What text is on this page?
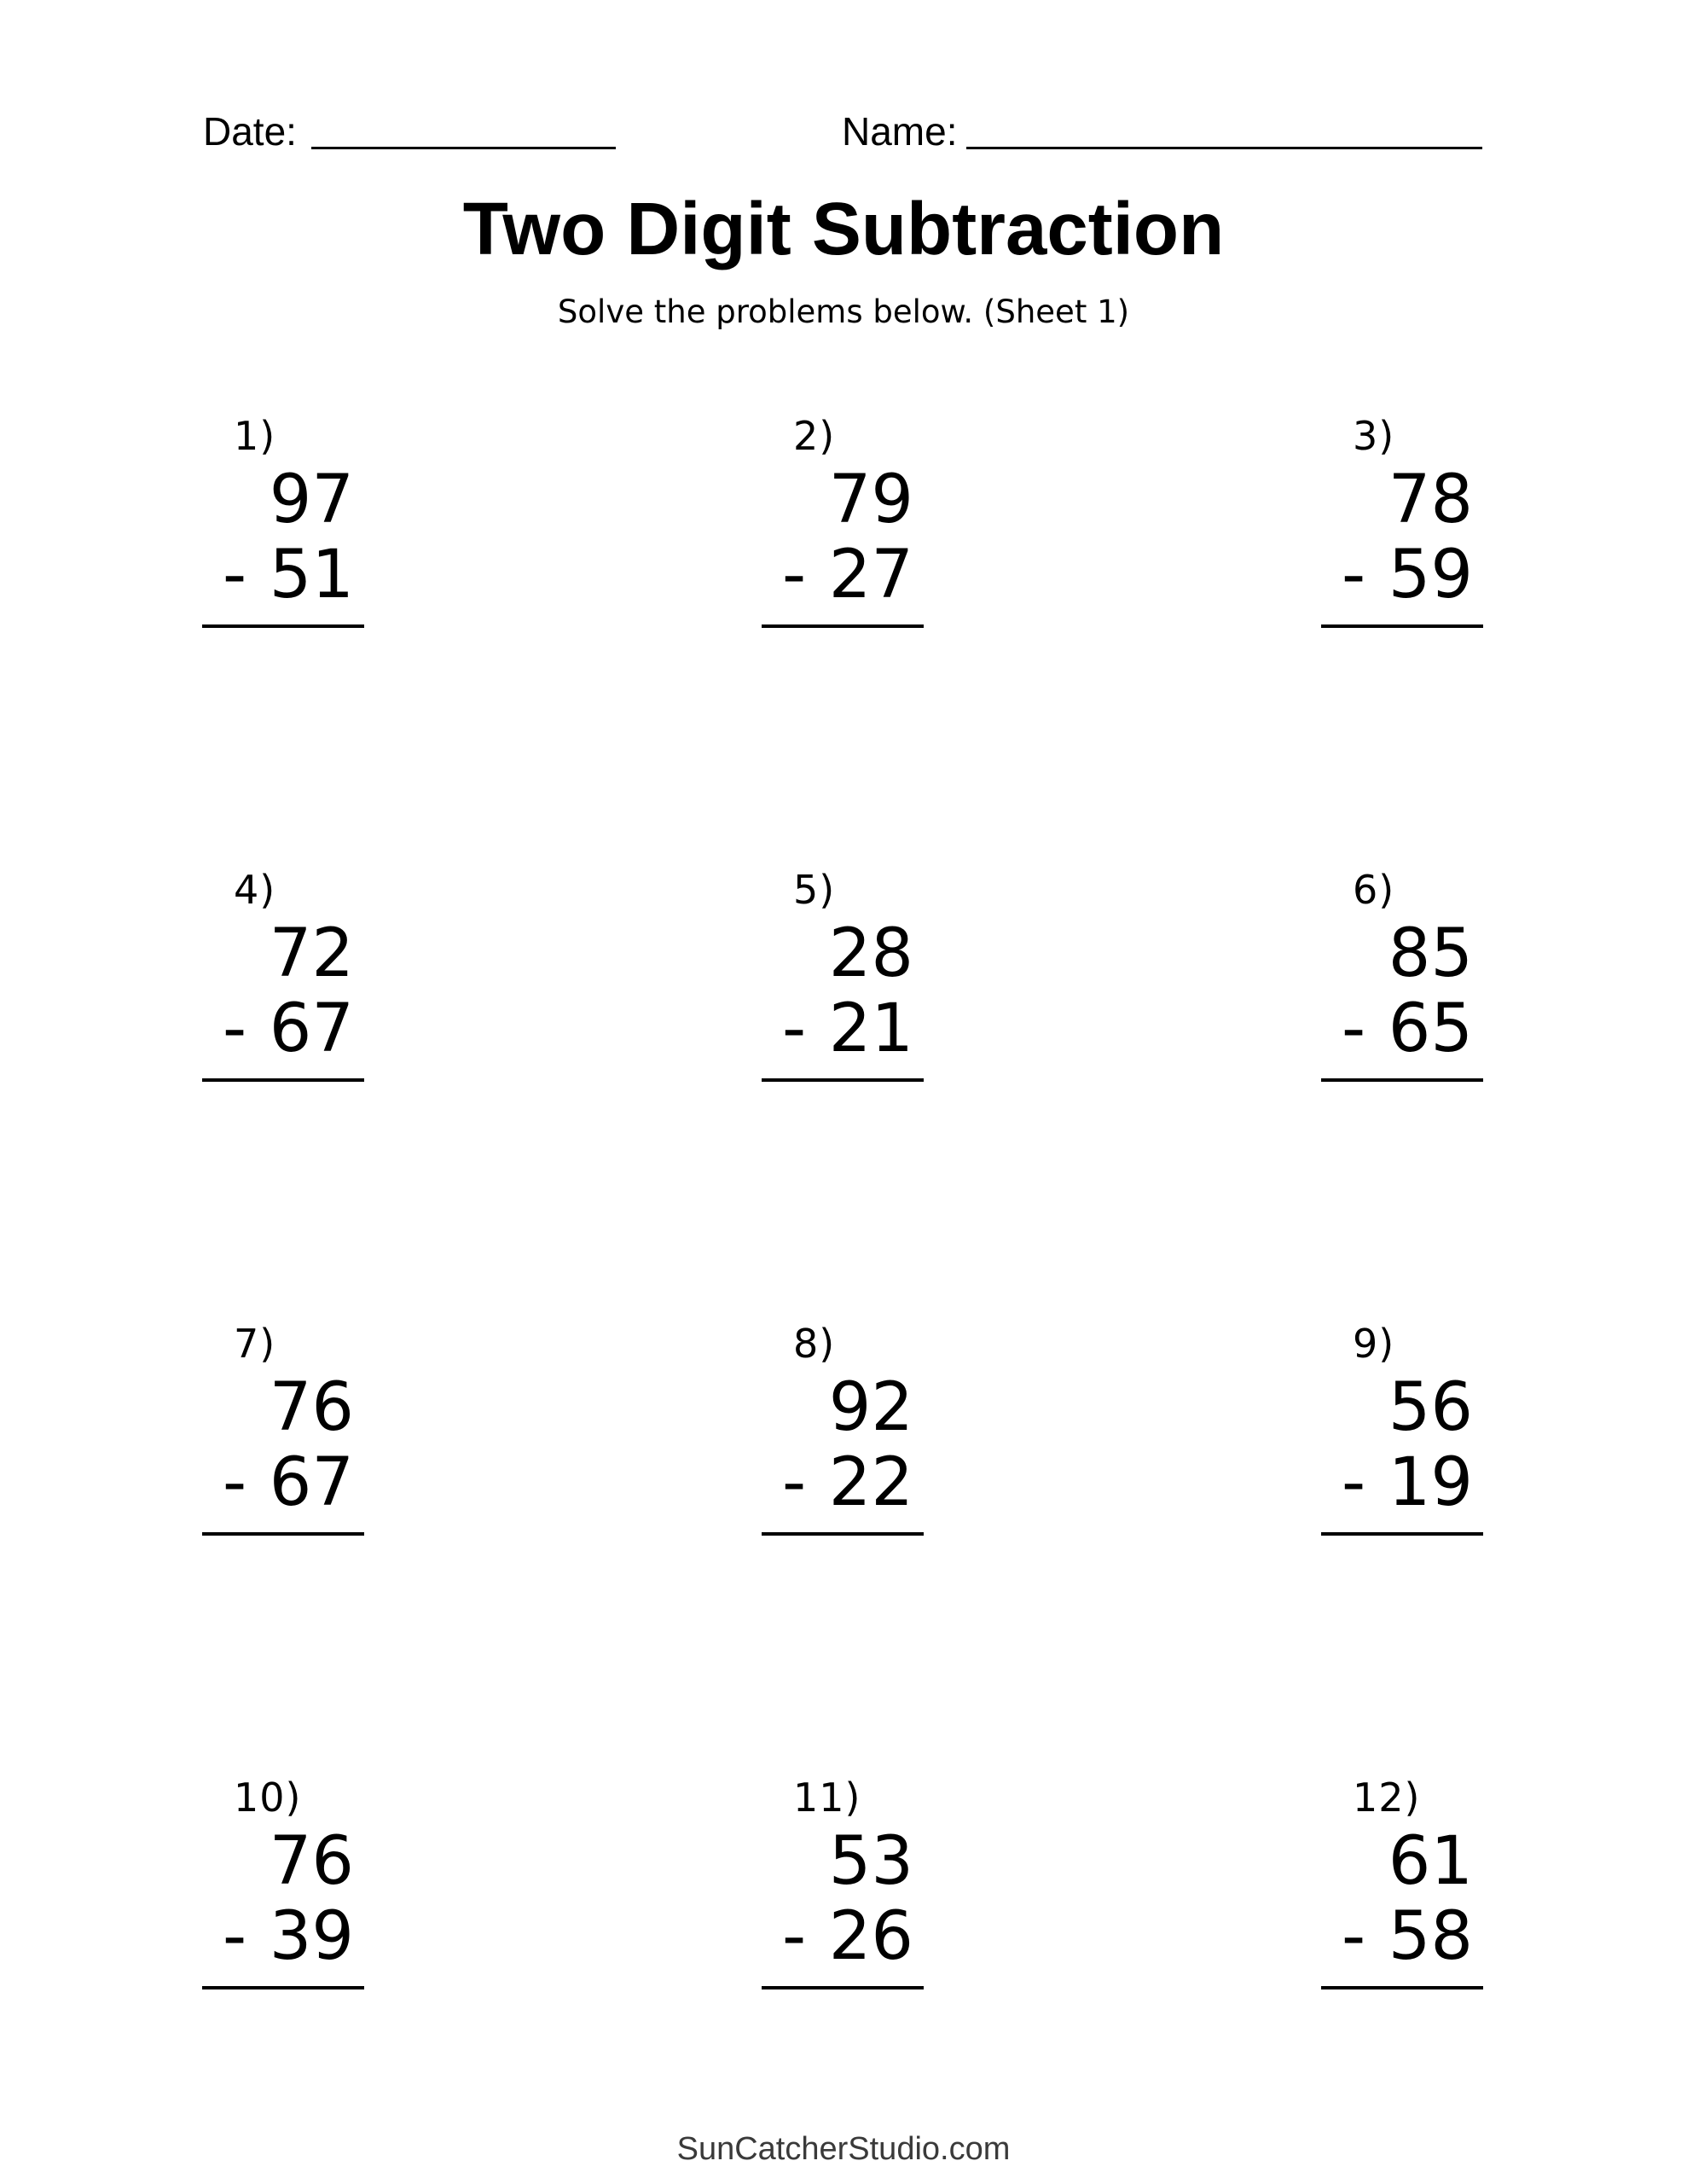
Date:	Name:
Two Digit Subtraction
Solve the problems below. (Sheet 1)
1)
97
- 51
2)
79
- 27
3)
78
- 59
4)
72
- 67
5)
28
- 21
6)
85
- 65
7)
76
- 67
8)
92
- 22
9)
56
- 19
10)
76
- 39
11)
53
- 26
12)
61
- 58
SunCatcherStudio.com
